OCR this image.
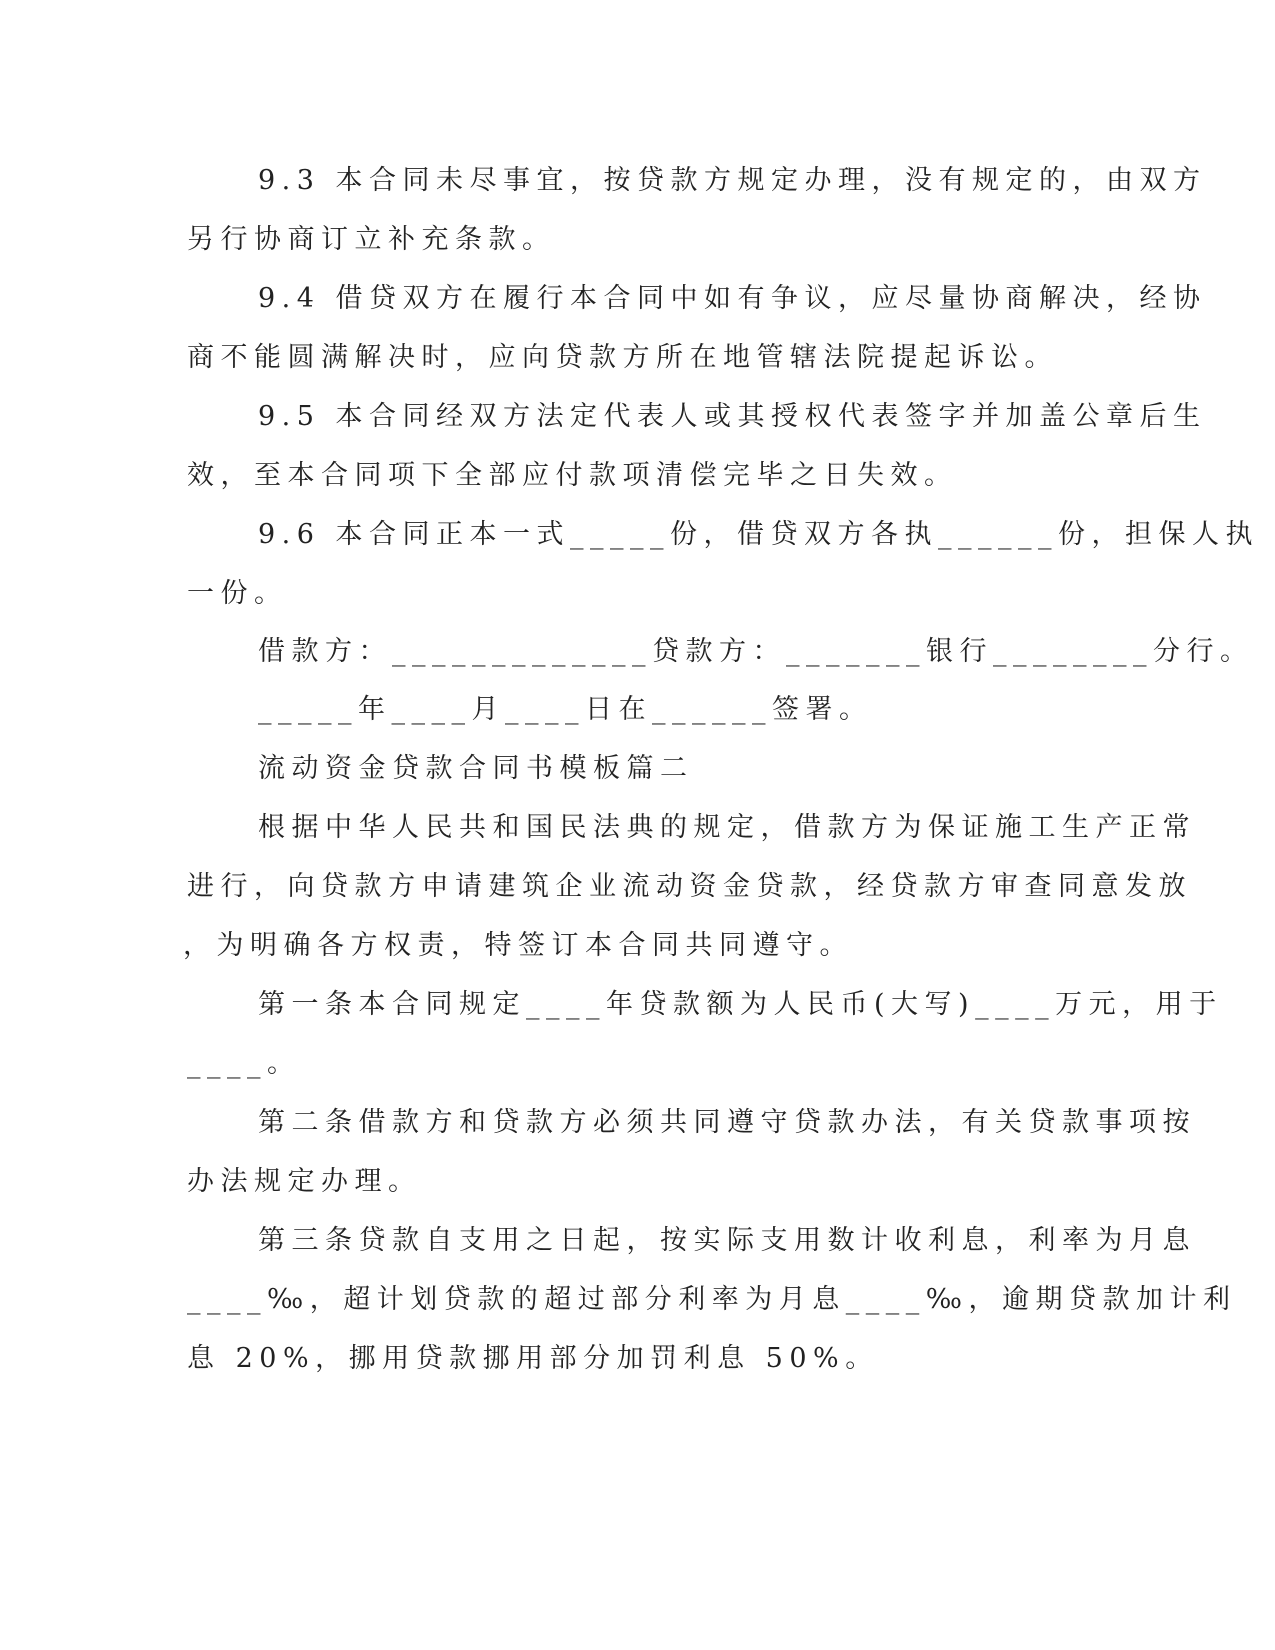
9.3 本合同未尽事宜，按贷款方规定办理，没有规定的，由双方
另行协商订立补充条款。
9.4 借贷双方在履行本合同中如有争议，应尽量协商解决，经协
商不能圆满解决时，应向贷款方所在地管辖法院提起诉讼。
9.5 本合同经双方法定代表人或其授权代表签字并加盖公章后生
效，至本合同项下全部应付款项清偿完毕之日失效。
9.6 本合同正本一式_____份，借贷双方各执______份，担保人执
一份。
借款方：_____________贷款方：_______银行________分行。
_____年____月____日在______签署。
流动资金贷款合同书模板篇二
根据中华人民共和国民法典的规定，借款方为保证施工生产正常
进行，向贷款方申请建筑企业流动资金贷款，经贷款方审查同意发放
，为明确各方权责，特签订本合同共同遵守。
第一条本合同规定____年贷款额为人民币(大写)____万元，用于
____。
第二条借款方和贷款方必须共同遵守贷款办法，有关贷款事项按
办法规定办理。
第三条贷款自支用之日起，按实际支用数计收利息，利率为月息
____‰，超计划贷款的超过部分利率为月息____‰，逾期贷款加计利
息 20%，挪用贷款挪用部分加罚利息 50%。
